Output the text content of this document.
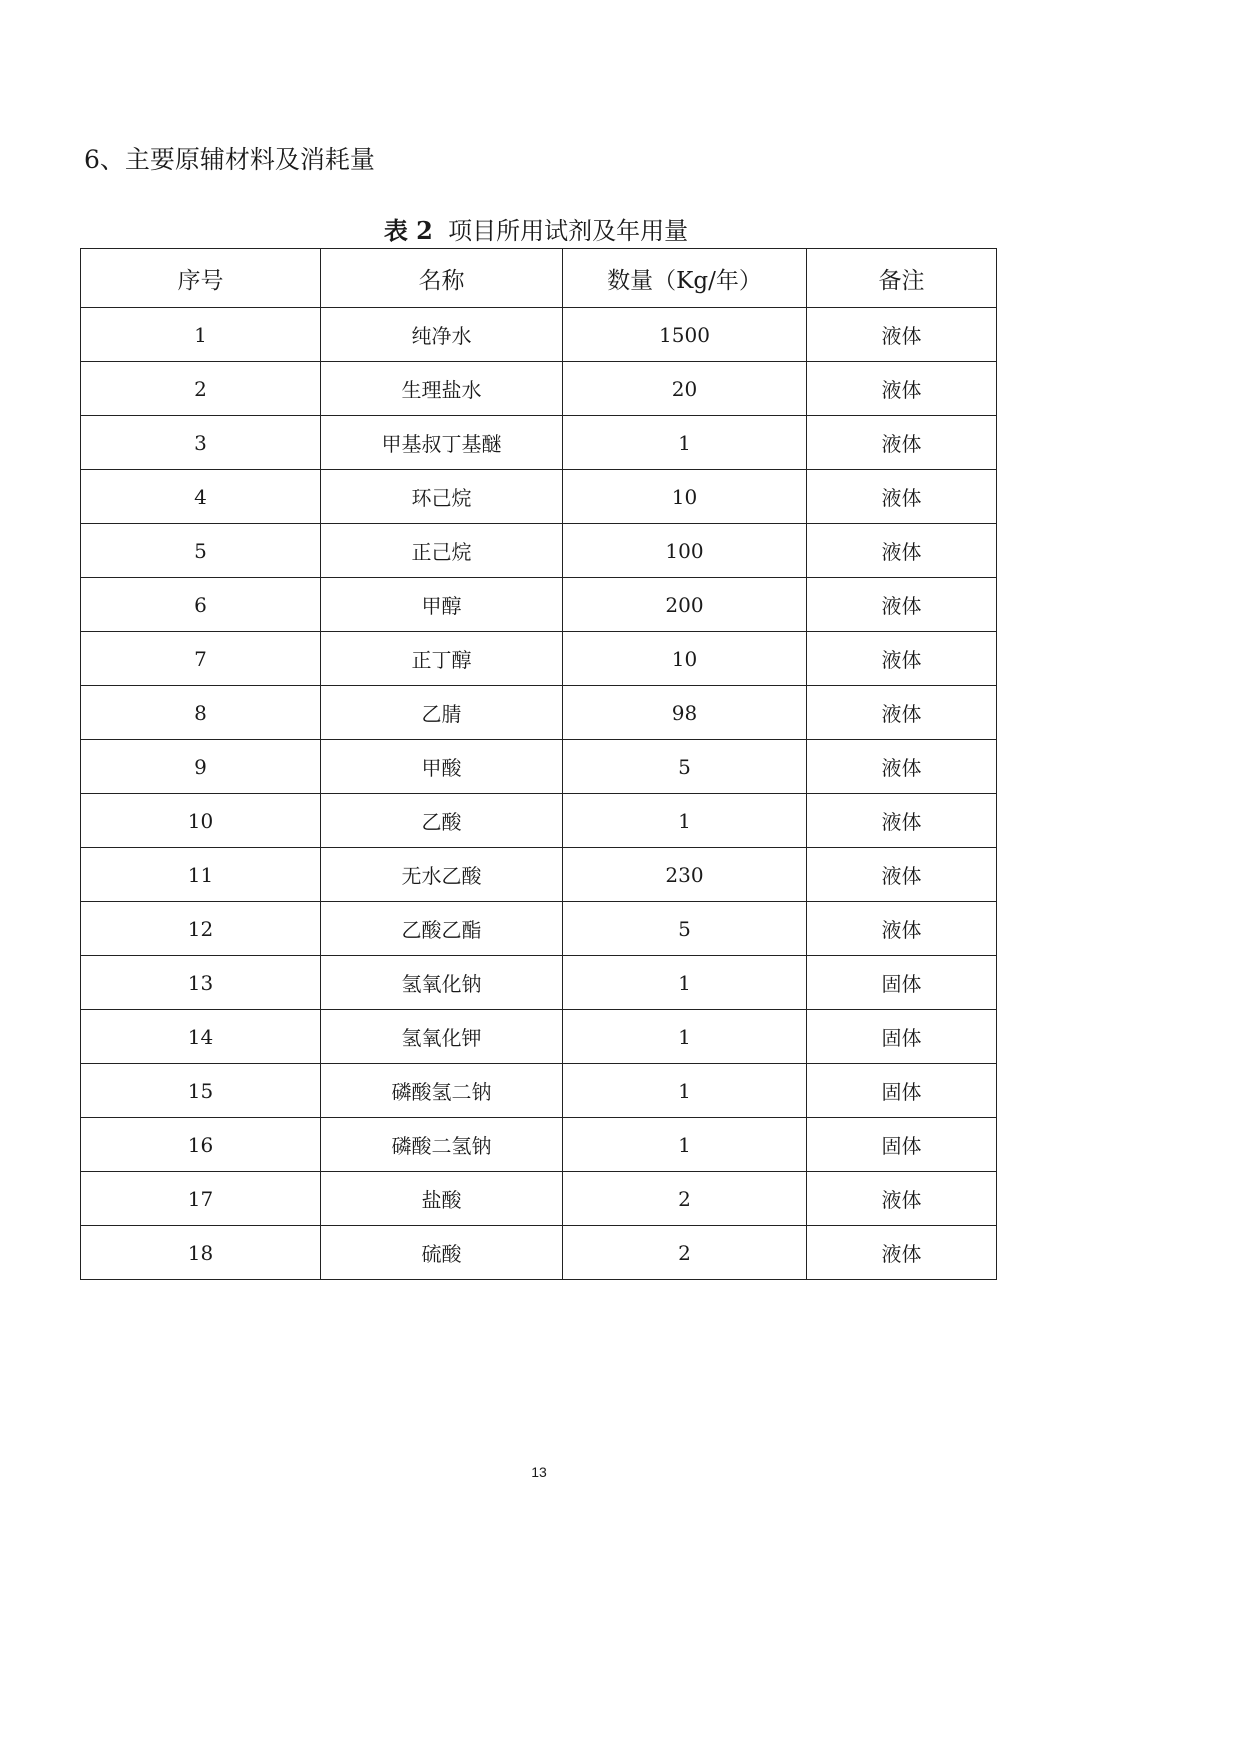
6、主要原辅材料及消耗量
表 2 项目所用试剂及年用量
序号	名称	数量（Kg/年）	备注
1	纯净水	1500	液体
2	生理盐水	20	液体
3	甲基叔丁基醚	1	液体
4	环己烷	10	液体
5	正己烷	100	液体
6	甲醇	200	液体
7	正丁醇	10	液体
8	乙腈	98	液体
9	甲酸	5	液体
10	乙酸	1	液体
11	无水乙酸	230	液体
12	乙酸乙酯	5	液体
13	氢氧化钠	1	固体
14	氢氧化钾	1	固体
15	磷酸氢二钠	1	固体
16	磷酸二氢钠	1	固体
17	盐酸	2	液体
18	硫酸	2	液体
13
